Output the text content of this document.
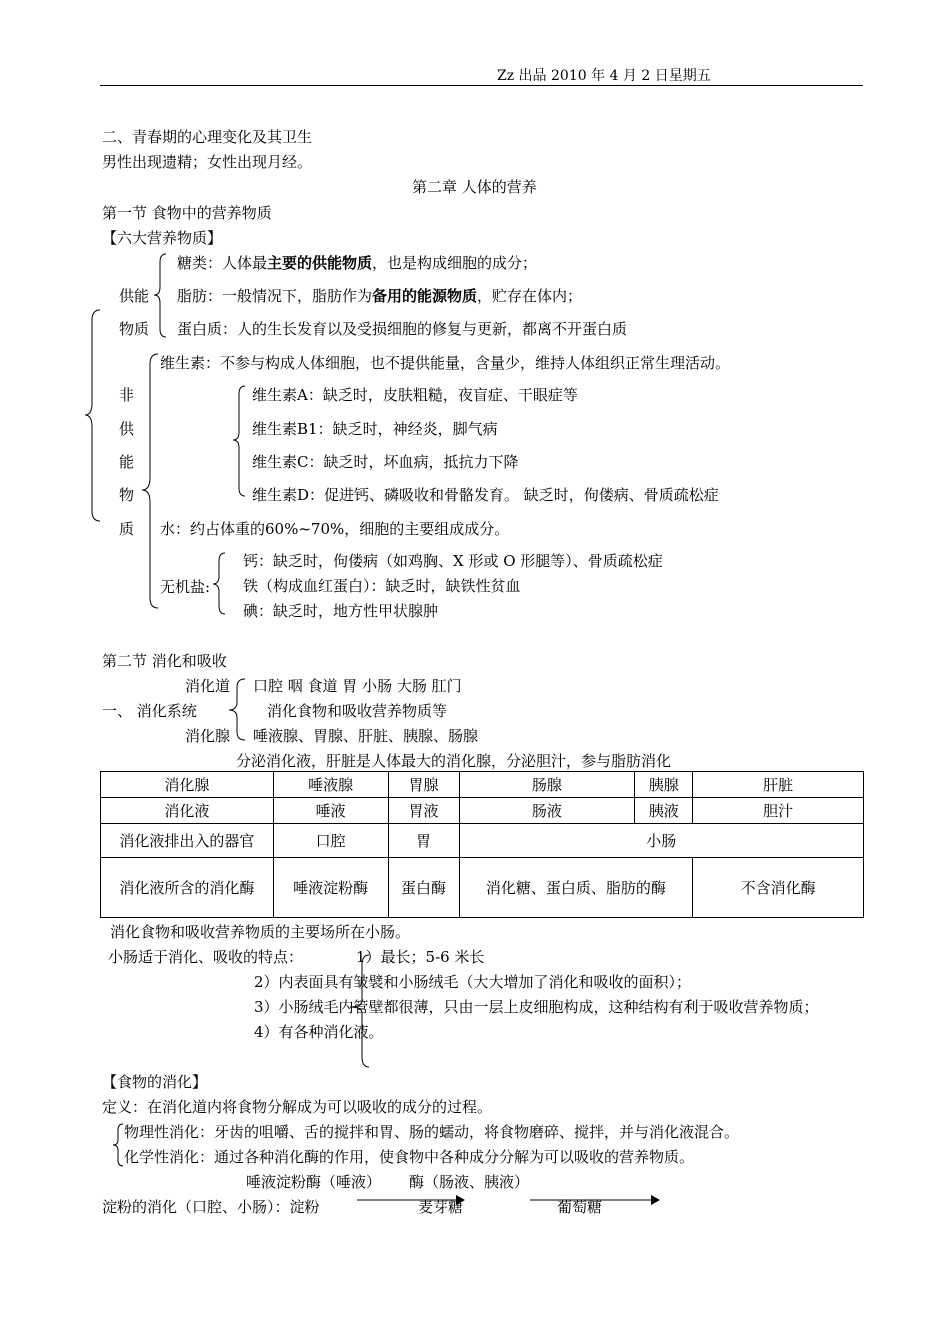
Zz 出品 2010 年 4 月 2 日星期五
二、青春期的心理变化及其卫生
男性出现遗精；女性出现月经。
第二章 人体的营养
第一节 食物中的营养物质
【六大营养物质】
供能
物质
糖类：人体最主要的供能物质，也是构成细胞的成分；
脂肪：一般情况下，脂肪作为备用的能源物质，贮存在体内；
蛋白质：人的生长发育以及受损细胞的修复与更新，都离不开蛋白质
非
供
能
物
质
维生素：不参与构成人体细胞，也不提供能量，含量少，维持人体组织正常生理活动。
维生素A：缺乏时，皮肤粗糙，夜盲症、干眼症等
维生素B1：缺乏时，神经炎，脚气病
维生素C：缺乏时，坏血病，抵抗力下降
维生素D：促进钙、磷吸收和骨骼发育。 缺乏时，佝偻病、骨质疏松症
水：约占体重的60%~70%，细胞的主要组成成分。
无机盐:
钙：缺乏时，佝偻病（如鸡胸、X 形或 O 形腿等）、骨质疏松症
铁（构成血红蛋白）：缺乏时，缺铁性贫血
碘：缺乏时，地方性甲状腺肿
第二节 消化和吸收
消化道 口腔 咽 食道 胃 小肠 大肠 肛门
一、 消化系统	消化食物和吸收营养物质等
消化腺 唾液腺、胃腺、肝脏、胰腺、肠腺
分泌消化液，肝脏是人体最大的消化腺，分泌胆汁，参与脂肪消化
消化腺	唾液腺	胃腺	肠腺	胰腺	肝脏
消化液	唾液	胃液	肠液	胰液	胆汁
消化液排出入的器官	口腔	胃	小肠		
消化液所含的消化酶	唾液淀粉酶	蛋白酶	消化糖、蛋白质、脂肪的酶		不含消化酶
消化食物和吸收营养物质的主要场所在小肠。
小肠适于消化、吸收的特点：	1）最长；5-6 米长
2）内表面具有皱襞和小肠绒毛（大大增加了消化和吸收的面积）；
3）小肠绒毛内管壁都很薄，只由一层上皮细胞构成，这种结构有利于吸收营养物质；
4）有各种消化液。
【食物的消化】
定义：在消化道内将食物分解成为可以吸收的成分的过程。
物理性消化：牙齿的咀嚼、舌的搅拌和胃、肠的蠕动，将食物磨碎、搅拌，并与消化液混合。
化学性消化：通过各种消化酶的作用，使食物中各种成分分解为可以吸收的营养物质。
唾液淀粉酶（唾液） 酶（肠液、胰液）
淀粉的消化（口腔、小肠）：淀粉	麦芽糖	葡萄糖
